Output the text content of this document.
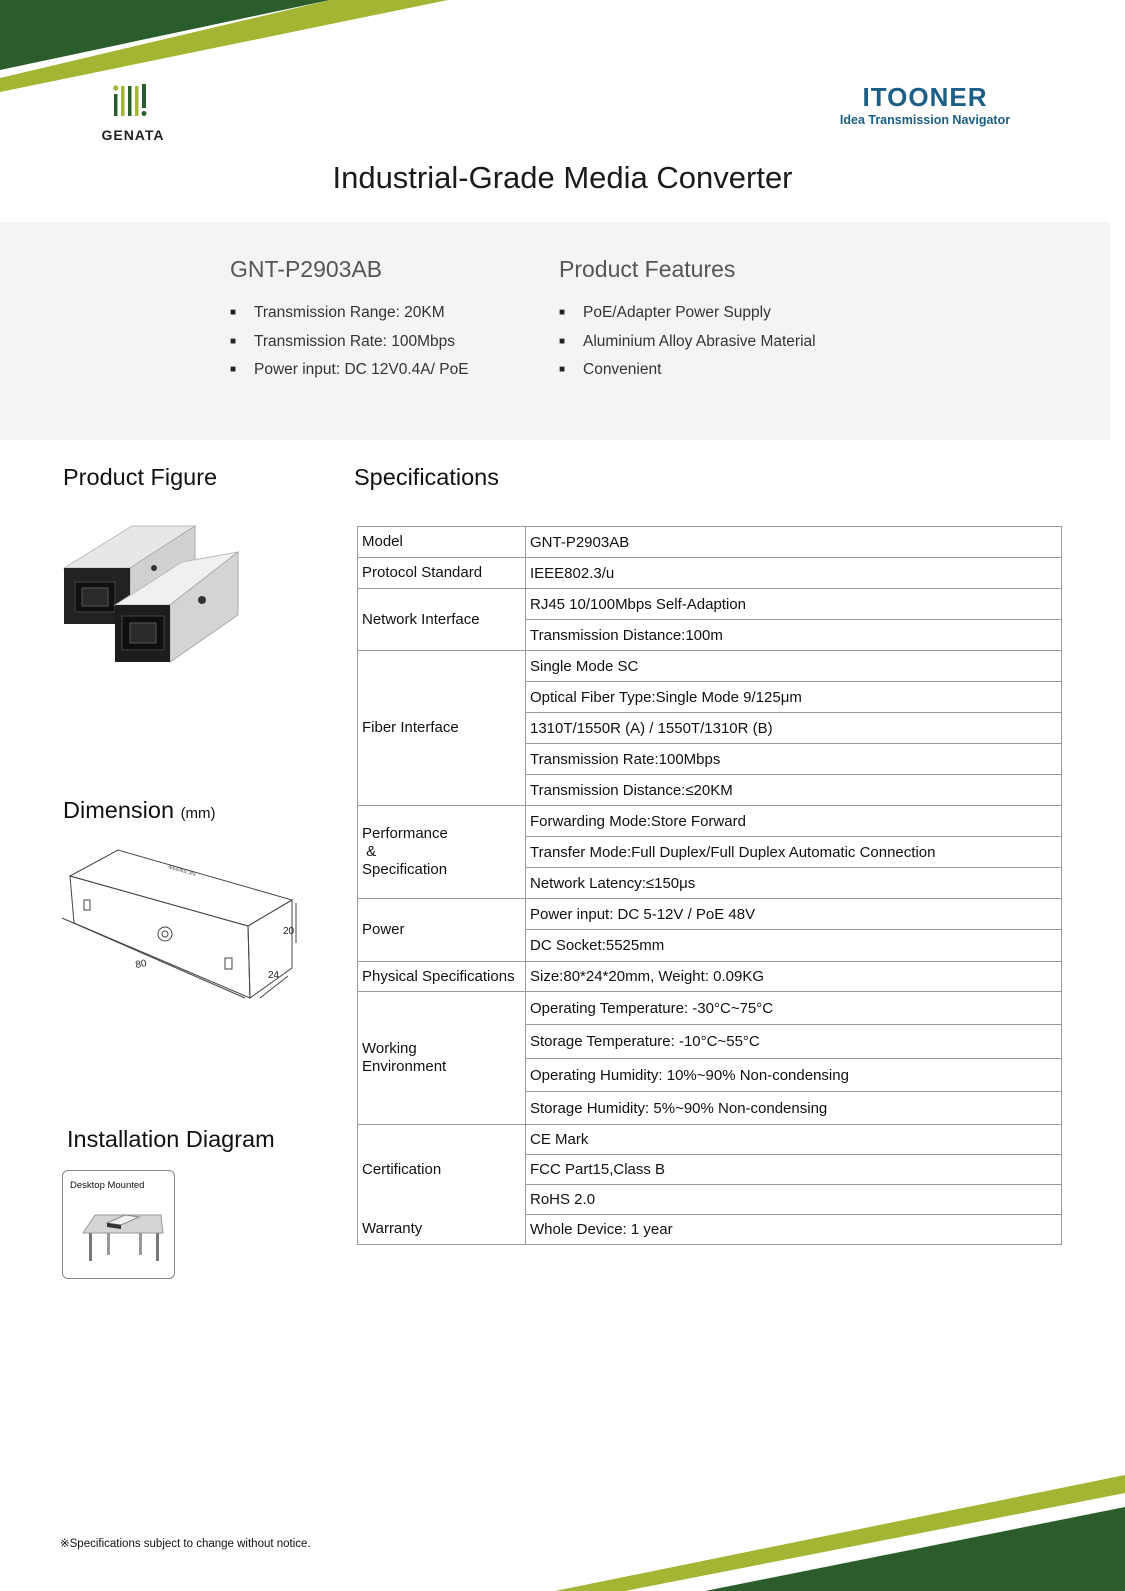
GENATA
ITOONER
Idea Transmission Navigator
Industrial-Grade Media Converter
GNT-P2903AB
■ Transmission Range: 20KM
■ Transmission Rate: 100Mbps
■ Power input: DC 12V0.4A/ PoE
Product Features
■ PoE/Adapter Power Supply
■ Aluminium Alloy Abrasive Material
■ Convenient
Product Figure	Specifications
Dimension (mm)
Installation Diagram
80
24
20
IEEE802.3/u
Desktop Mounted
Model	GNT-P2903AB
Protocol Standard	IEEE802.3/u
Network Interface	RJ45 10/100Mbps Self-Adaption
	Transmission Distance:100m
Fiber Interface	Single Mode SC
	Optical Fiber Type:Single Mode 9/125μm
	1310T/1550R (A) / 1550T/1310R (B)
	Transmission Rate:100Mbps
	Transmission Distance:≤20KM

Performance
&
Specification	Forwarding Mode:Store Forward
	Transfer Mode:Full Duplex/Full Duplex Automatic Connection
	Network Latency:≤150μs
Power	Power input: DC 5-12V / PoE 48V
	DC Socket:5525mm
Physical Specifications	Size:80*24*20mm, Weight: 0.09KG

Working
Environment	Operating Temperature: -30°C~75°C
	Storage Temperature: -10°C~55°C
	Operating Humidity: 10%~90% Non-condensing
	Storage Humidity: 5%~90% Non-condensing
Certification	CE Mark
	FCC Part15,Class B
	RoHS 2.0
Warranty	Whole Device: 1 year
※Specifications subject to change without notice.
